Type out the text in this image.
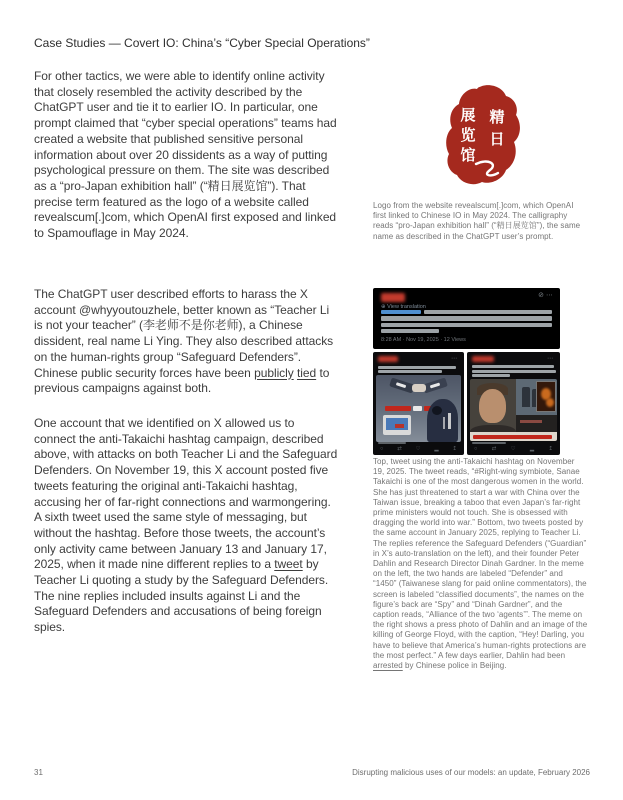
Case Studies — Covert IO: China’s “Cyber Special Operations”
For other tactics, we were able to identify online activity that closely resembled the activity described by the ChatGPT user and tie it to earlier IO. In particular, one prompt claimed that “cyber special operations” teams had created a website that published sensitive personal information about over 20 dissidents as a way of putting psychological pressure on them. The site was described as a “pro-Japan exhibition hall” (“精日展览馆”). That precise term featured as the logo of a website called revealscum[.]com, which OpenAI first exposed and linked to Spamouflage in May 2024.
The ChatGPT user described efforts to harass the X account @whyyoutouzhele, better known as “Teacher Li is not your teacher” (李老师不是你老师), a Chinese dissident, real name Li Ying. They also described attacks on the human-rights group “Safeguard Defenders”. Chinese public security forces have been publicly tied to previous campaigns against both.
One account that we identified on X allowed us to connect the anti-Takaichi hashtag campaign, described above, with attacks on both Teacher Li and the Safeguard Defenders. On November 19, this X account posted five tweets featuring the original anti-Takaichi hashtag, accusing her of far-right connections and warmongering. A sixth tweet used the same style of messaging, but without the hashtag. Before those tweets, the account’s only activity came between January 13 and January 17, 2025, when it made nine different replies to a tweet by Teacher Li quoting a study by the Safeguard Defenders. The nine replies included insults against Li and the Safeguard Defenders and accusations of being foreign spies.
展
览
馆
精
日
Logo from the website revealscum[.]com, which OpenAI first linked to Chinese IO in May 2024. The calligraphy reads “pro-Japan exhibition hall” (“精日展览馆”), the same name as described in the ChatGPT user’s prompt.
⊘⋯
⊕ View translation
8:28 AM · Nov 19, 2025 · 12 Views
⋯
○	⇄	♡	▂	↥
⋯
○	⇄	♡	▂	↥
Top, tweet using the anti-Takaichi hashtag on November 19, 2025. The tweet reads, “#Right-wing symbiote, Sanae Takaichi is one of the most dangerous women in the world. She has just threatened to start a war with China over the Taiwan issue, breaking a taboo that even Japan’s far-right prime ministers would not touch. She is obsessed with dragging the world into war.” Bottom, two tweets posted by the same account in January 2025, replying to Teacher Li. The replies reference the Safeguard Defenders (“Guardian” in X’s auto-translation on the left), and their founder Peter Dahlin and Research Director Dinah Gardner. In the meme on the left, the two hands are labeled “Defender” and “1450” (Taiwanese slang for paid online commentators), the screen is labeled “classified documents”, the names on the figure’s back are “Spy” and “Dinah Gardner”, and the caption reads, “Alliance of the two ‘agents’”. The meme on the right shows a press photo of Dahlin and an image of the killing of George Floyd, with the caption, “Hey! Darling, you have to believe that America’s human-rights protections are the most perfect.” A few days earlier, Dahlin had been arrested by Chinese police in Beijing.
31	Disrupting malicious uses of our models: an update, February 2026
